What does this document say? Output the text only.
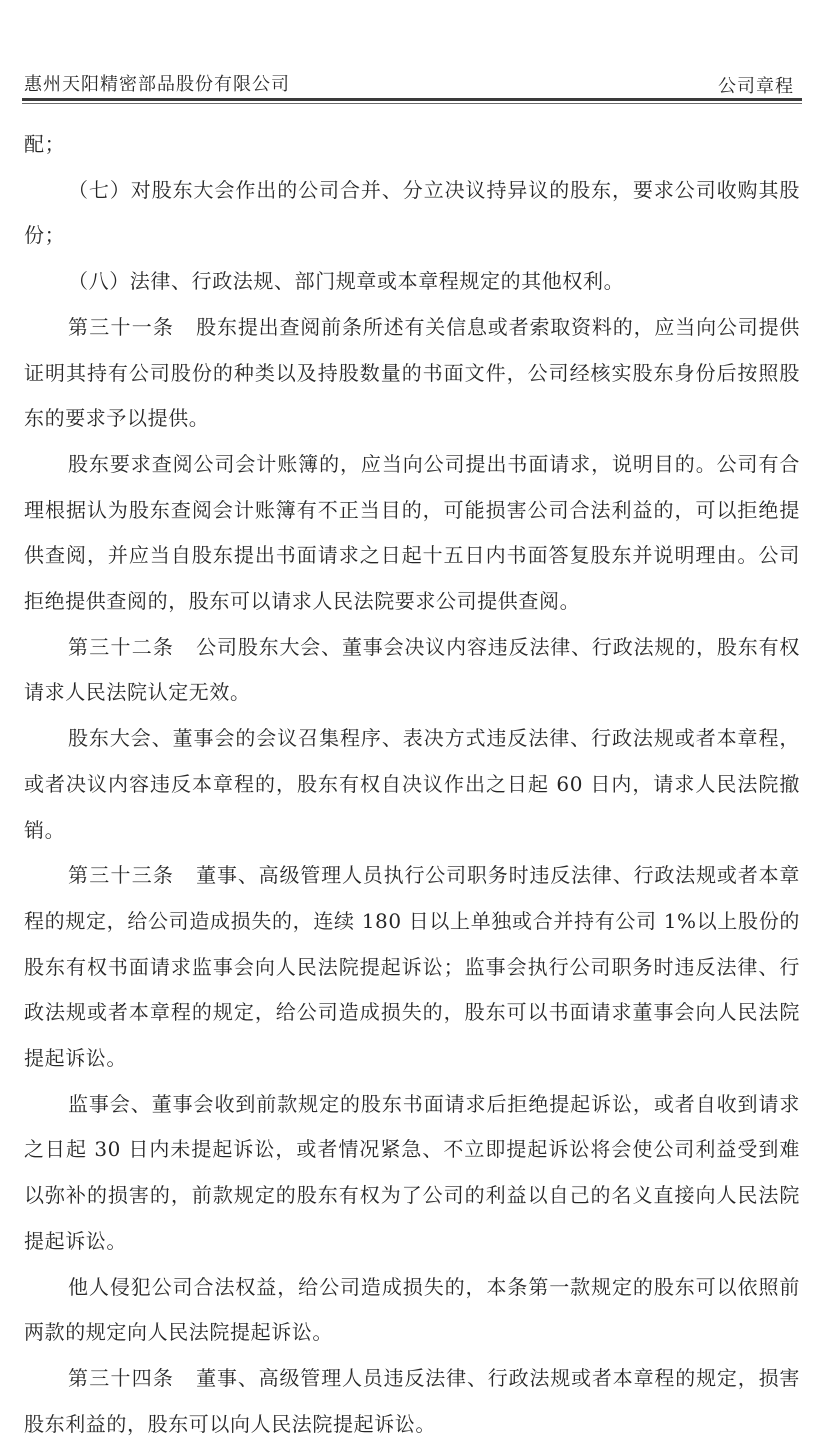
惠州天阳精密部品股份有限公司	公司章程

配；

（七）对股东大会作出的公司合并、分立决议持异议的股东，要求公司收购其股份；

（八）法律、行政法规、部门规章或本章程规定的其他权利。

第三十一条 股东提出查阅前条所述有关信息或者索取资料的，应当向公司提供证明其持有公司股份的种类以及持股数量的书面文件，公司经核实股东身份后按照股东的要求予以提供。

股东要求查阅公司会计账簿的，应当向公司提出书面请求，说明目的。公司有合理根据认为股东查阅会计账簿有不正当目的，可能损害公司合法利益的，可以拒绝提供查阅，并应当自股东提出书面请求之日起十五日内书面答复股东并说明理由。公司拒绝提供查阅的，股东可以请求人民法院要求公司提供查阅。

第三十二条 公司股东大会、董事会决议内容违反法律、行政法规的，股东有权请求人民法院认定无效。

股东大会、董事会的会议召集程序、表决方式违反法律、行政法规或者本章程，或者决议内容违反本章程的，股东有权自决议作出之日起 60 日内，请求人民法院撤销。

第三十三条 董事、高级管理人员执行公司职务时违反法律、行政法规或者本章程的规定，给公司造成损失的，连续 180 日以上单独或合并持有公司 1%以上股份的股东有权书面请求监事会向人民法院提起诉讼；监事会执行公司职务时违反法律、行政法规或者本章程的规定，给公司造成损失的，股东可以书面请求董事会向人民法院提起诉讼。

监事会、董事会收到前款规定的股东书面请求后拒绝提起诉讼，或者自收到请求之日起 30 日内未提起诉讼，或者情况紧急、不立即提起诉讼将会使公司利益受到难以弥补的损害的，前款规定的股东有权为了公司的利益以自己的名义直接向人民法院提起诉讼。

他人侵犯公司合法权益，给公司造成损失的，本条第一款规定的股东可以依照前两款的规定向人民法院提起诉讼。

第三十四条 董事、高级管理人员违反法律、行政法规或者本章程的规定，损害股东利益的，股东可以向人民法院提起诉讼。
